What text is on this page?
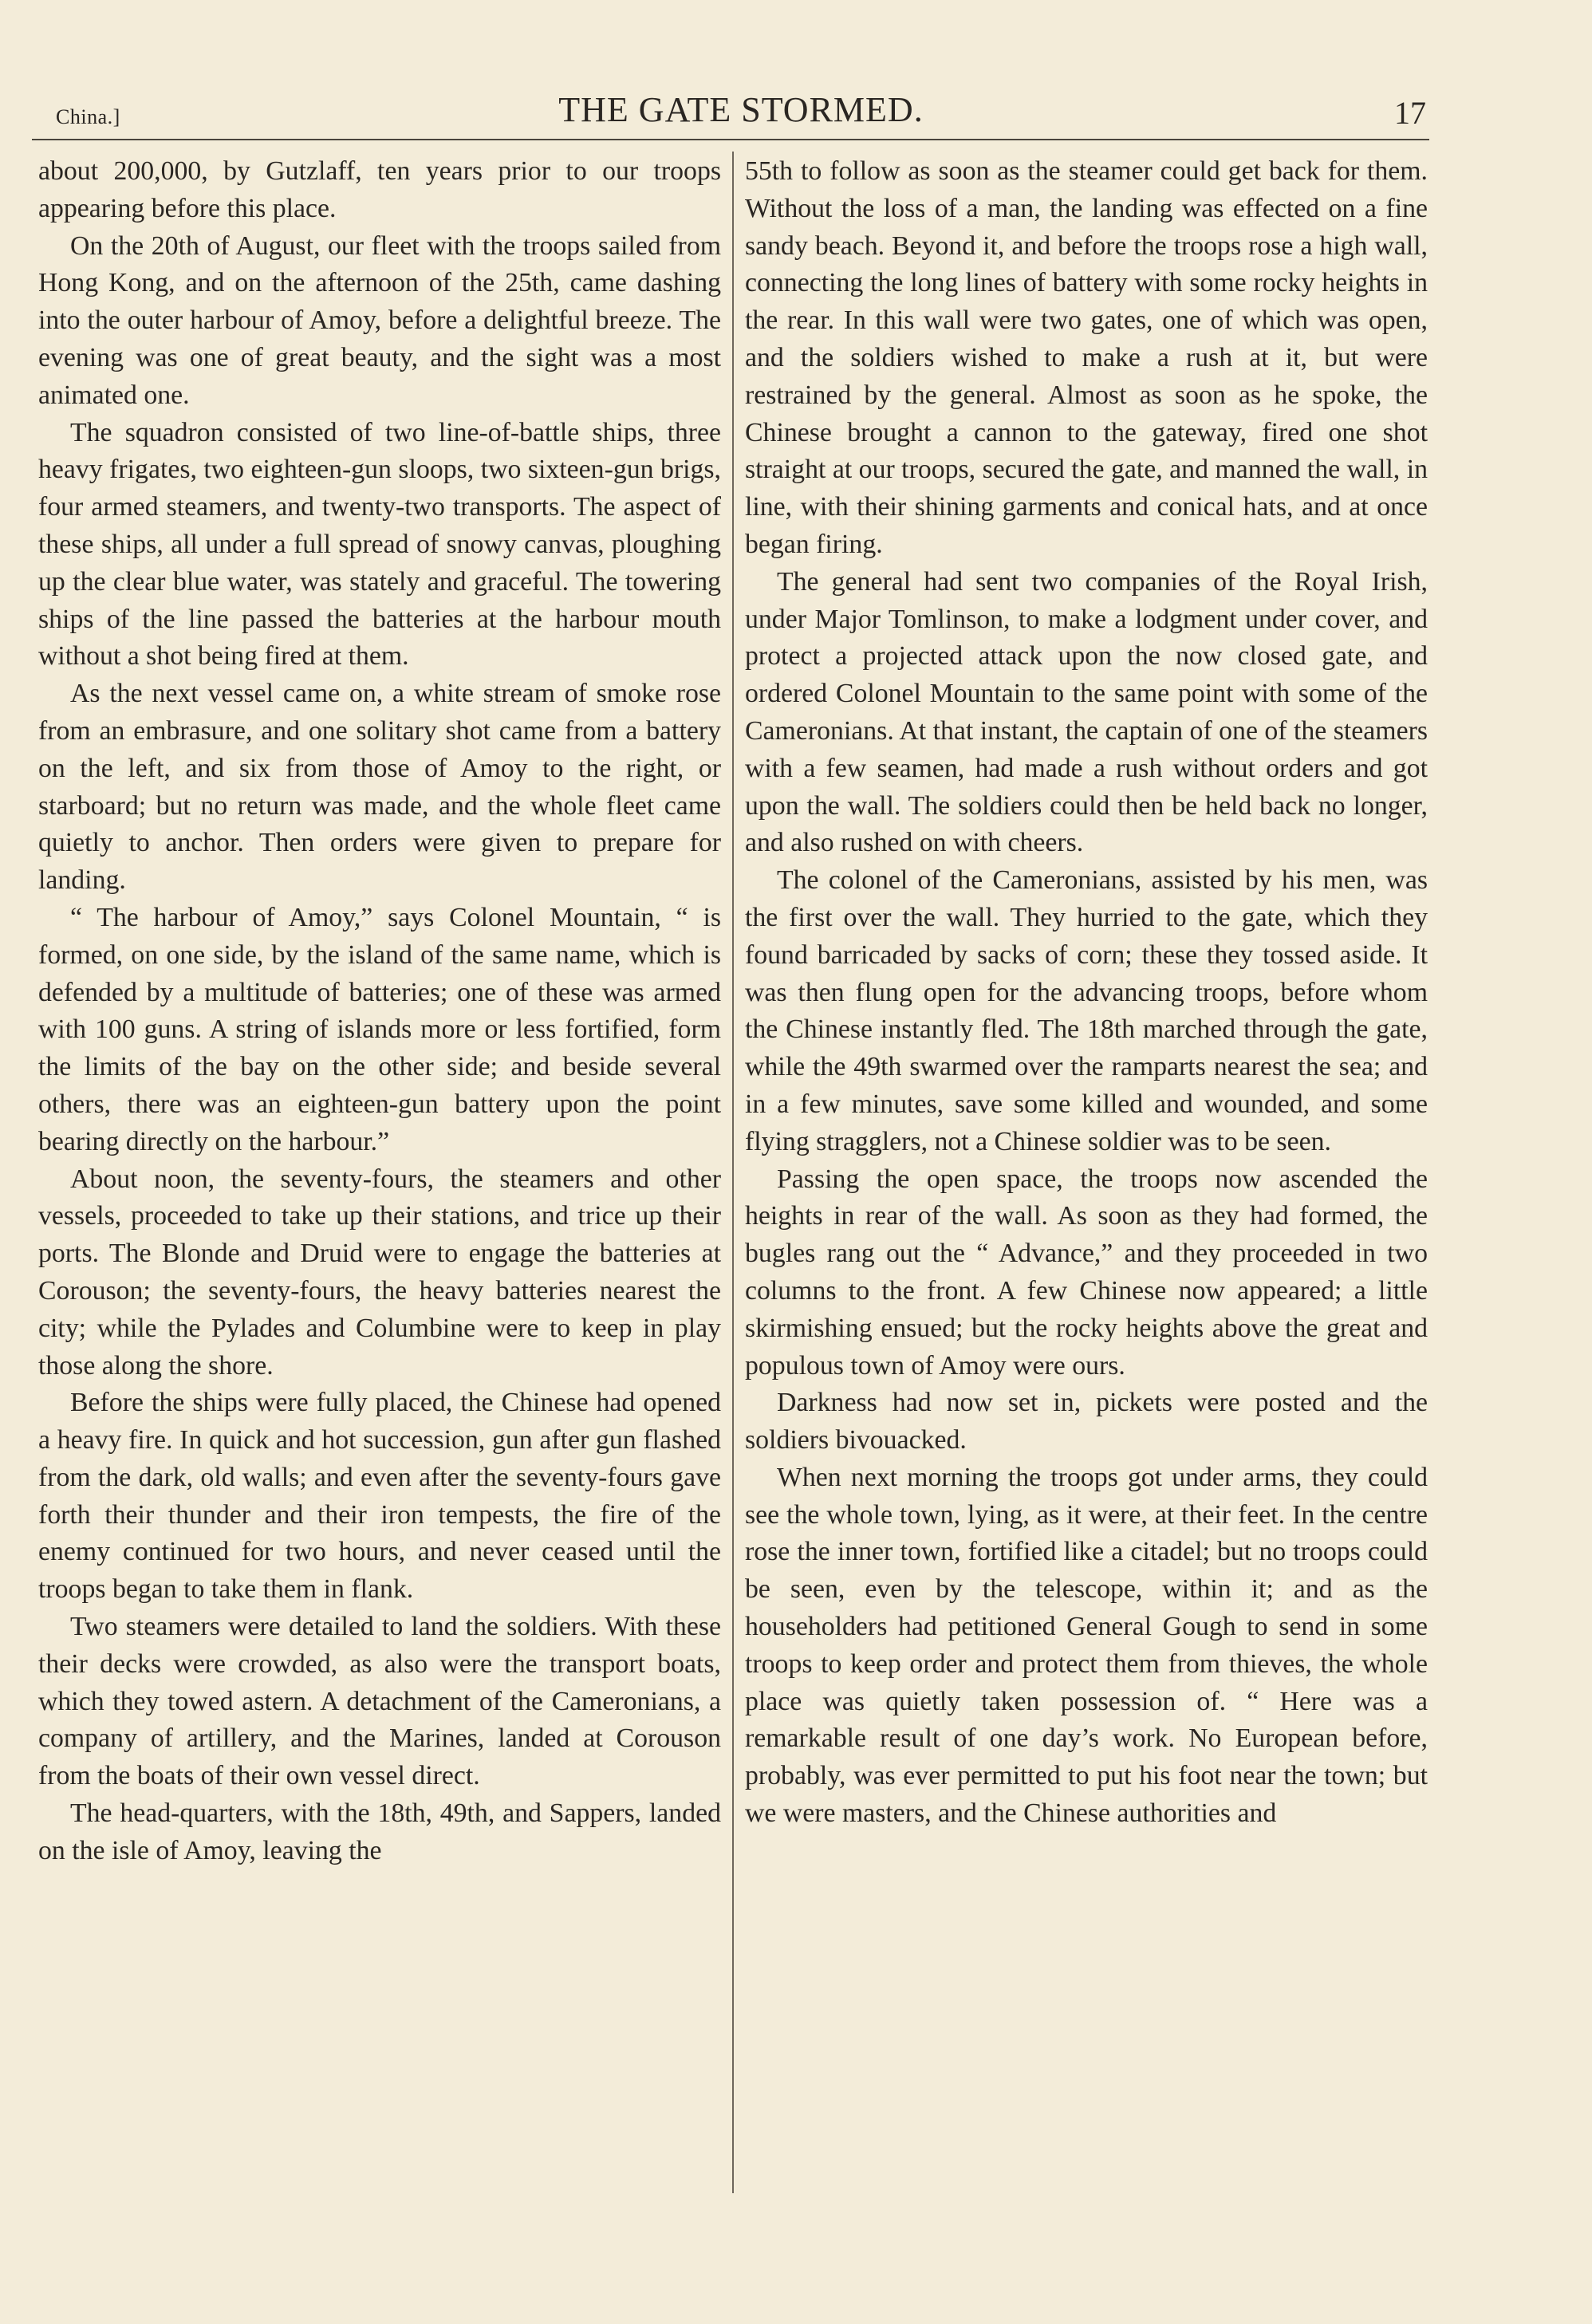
China.]	THE GATE STORMED.	17

about 200,000, by Gutzlaff, ten years prior to our troops appearing before this place.

On the 20th of August, our fleet with the troops sailed from Hong Kong, and on the afternoon of the 25th, came dashing into the outer harbour of Amoy, before a delightful breeze. The evening was one of great beauty, and the sight was a most animated one.

The squadron consisted of two line-of-battle ships, three heavy frigates, two eighteen-gun sloops, two sixteen-gun brigs, four armed steamers, and twenty-two transports. The aspect of these ships, all under a full spread of snowy canvas, ploughing up the clear blue water, was stately and graceful. The towering ships of the line passed the batteries at the harbour mouth without a shot being fired at them.

As the next vessel came on, a white stream of smoke rose from an embrasure, and one solitary shot came from a battery on the left, and six from those of Amoy to the right, or starboard; but no return was made, and the whole fleet came quietly to anchor. Then orders were given to prepare for landing.

“ The harbour of Amoy,” says Colonel Mountain, “ is formed, on one side, by the island of the same name, which is defended by a multitude of batteries; one of these was armed with 100 guns. A string of islands more or less fortified, form the limits of the bay on the other side; and beside several others, there was an eighteen-gun battery upon the point bearing directly on the harbour.”

About noon, the seventy-fours, the steamers and other vessels, proceeded to take up their stations, and trice up their ports. The Blonde and Druid were to engage the batteries at Corouson; the seventy-fours, the heavy batteries nearest the city; while the Pylades and Columbine were to keep in play those along the shore.

Before the ships were fully placed, the Chinese had opened a heavy fire. In quick and hot succession, gun after gun flashed from the dark, old walls; and even after the seventy-fours gave forth their thunder and their iron tempests, the fire of the enemy continued for two hours, and never ceased until the troops began to take them in flank.

Two steamers were detailed to land the soldiers. With these their decks were crowded, as also were the transport boats, which they towed astern. A detachment of the Cameronians, a company of artillery, and the Marines, landed at Corouson from the boats of their own vessel direct.

The head-quarters, with the 18th, 49th, and Sappers, landed on the isle of Amoy, leaving the

55th to follow as soon as the steamer could get back for them. Without the loss of a man, the landing was effected on a fine sandy beach. Beyond it, and before the troops rose a high wall, connecting the long lines of battery with some rocky heights in the rear. In this wall were two gates, one of which was open, and the soldiers wished to make a rush at it, but were restrained by the general. Almost as soon as he spoke, the Chinese brought a cannon to the gateway, fired one shot straight at our troops, secured the gate, and manned the wall, in line, with their shining garments and conical hats, and at once began firing.

The general had sent two companies of the Royal Irish, under Major Tomlinson, to make a lodgment under cover, and protect a projected attack upon the now closed gate, and ordered Colonel Mountain to the same point with some of the Cameronians. At that instant, the captain of one of the steamers with a few seamen, had made a rush without orders and got upon the wall. The soldiers could then be held back no longer, and also rushed on with cheers.

The colonel of the Cameronians, assisted by his men, was the first over the wall. They hurried to the gate, which they found barricaded by sacks of corn; these they tossed aside. It was then flung open for the advancing troops, before whom the Chinese instantly fled. The 18th marched through the gate, while the 49th swarmed over the ramparts nearest the sea; and in a few minutes, save some killed and wounded, and some flying stragglers, not a Chinese soldier was to be seen.

Passing the open space, the troops now ascended the heights in rear of the wall. As soon as they had formed, the bugles rang out the “ Advance,” and they proceeded in two columns to the front. A few Chinese now appeared; a little skirmishing ensued; but the rocky heights above the great and populous town of Amoy were ours.

Darkness had now set in, pickets were posted and the soldiers bivouacked.

When next morning the troops got under arms, they could see the whole town, lying, as it were, at their feet. In the centre rose the inner town, fortified like a citadel; but no troops could be seen, even by the telescope, within it; and as the householders had petitioned General Gough to send in some troops to keep order and protect them from thieves, the whole place was quietly taken possession of. “ Here was a remarkable result of one day’s work. No European before, probably, was ever permitted to put his foot near the town; but we were masters, and the Chinese authorities and
